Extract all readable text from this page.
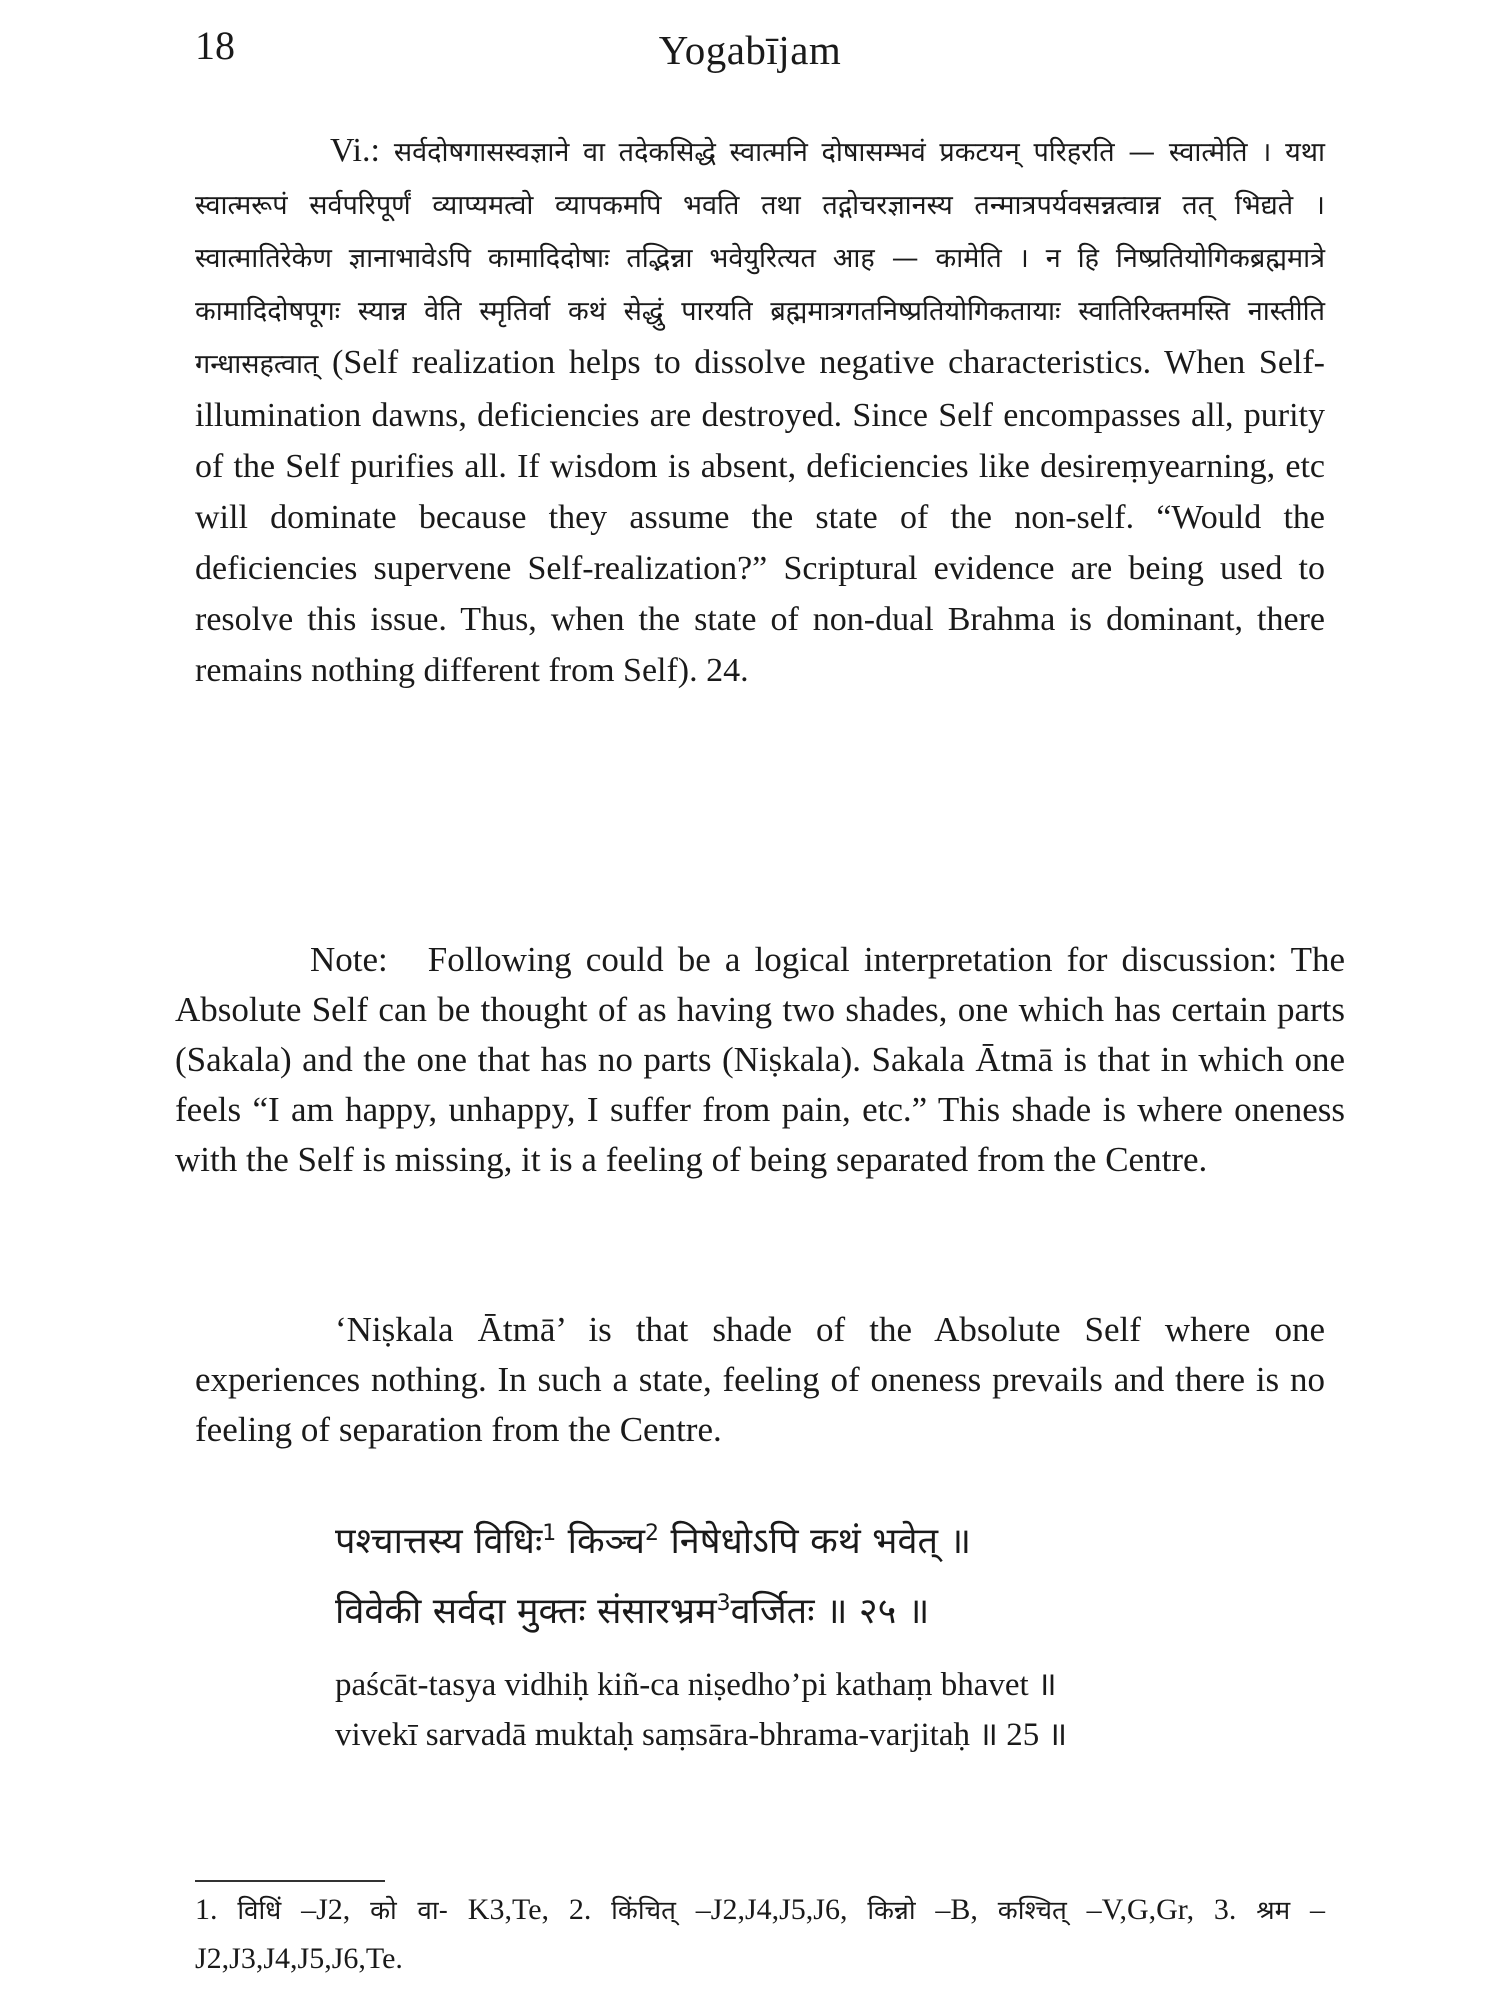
18	Yogabījam

Vi.: सर्वदोषगासस्वज्ञाने वा तदेकसिद्धे स्वात्मनि दोषासम्भवं प्रकटयन् परिहरति — स्वात्मेति । यथा स्वात्मरूपं सर्वपरिपूर्णं व्याप्यमत्वो व्यापकमपि भवति तथा तद्गोचरज्ञानस्य तन्मात्रपर्यवसन्नत्वान्न तत् भिद्यते । स्वात्मातिरेकेण ज्ञानाभावेऽपि कामादिदोषाः तद्भिन्ना भवेयुरित्यत आह — कामेति । न हि निष्प्रतियोगिकब्रह्ममात्रे कामादिदोषपूगः स्यान्न वेति स्मृतिर्वा कथं सेद्धुं पारयति ब्रह्ममात्रगतनिष्प्रतियोगिकतायाः स्वातिरिक्तमस्ति नास्तीति गन्धासहत्वात् (Self realization helps to dissolve negative characteristics. When Self-illumination dawns, deficiencies are destroyed. Since Self encompasses all, purity of the Self purifies all. If wisdom is absent, deficiencies like desireṃyearning, etc will dominate because they assume the state of the non-self. “Would the deficiencies supervene Self-realization?” Scriptural evidence are being used to resolve this issue. Thus, when the state of non-dual Brahma is dominant, there remains nothing different from Self). 24.

Note: Following could be a logical interpretation for discussion: The Absolute Self can be thought of as having two shades, one which has certain parts (Sakala) and the one that has no parts (Niṣkala). Sakala Ātmā is that in which one feels “I am happy, unhappy, I suffer from pain, etc.” This shade is where oneness with the Self is missing, it is a feeling of being separated from the Centre.

‘Niṣkala Ātmā’ is that shade of the Absolute Self where one experiences nothing. In such a state, feeling of oneness prevails and there is no feeling of separation from the Centre.

पश्चात्तस्य विधिः$^1$ किञ्च$^2$ निषेधोऽपि कथं भवेत् ॥

विवेकी सर्वदा मुक्तः संसारभ्रम$^3$वर्जितः ॥ २५ ॥

paścāt-tasya vidhiḥ kiñ-ca niṣedho’pi kathaṃ bhavet ॥

vivekī sarvadā muktaḥ saṃsāra-bhrama-varjitaḥ ॥ 25 ॥

1. विधिं –J2, को वा- K3,Te, 2. किंचित् –J2,J4,J5,J6, किन्नो –B, कश्चित् –V,G,Gr, 3. श्रम –J2,J3,J4,J5,J6,Te.
